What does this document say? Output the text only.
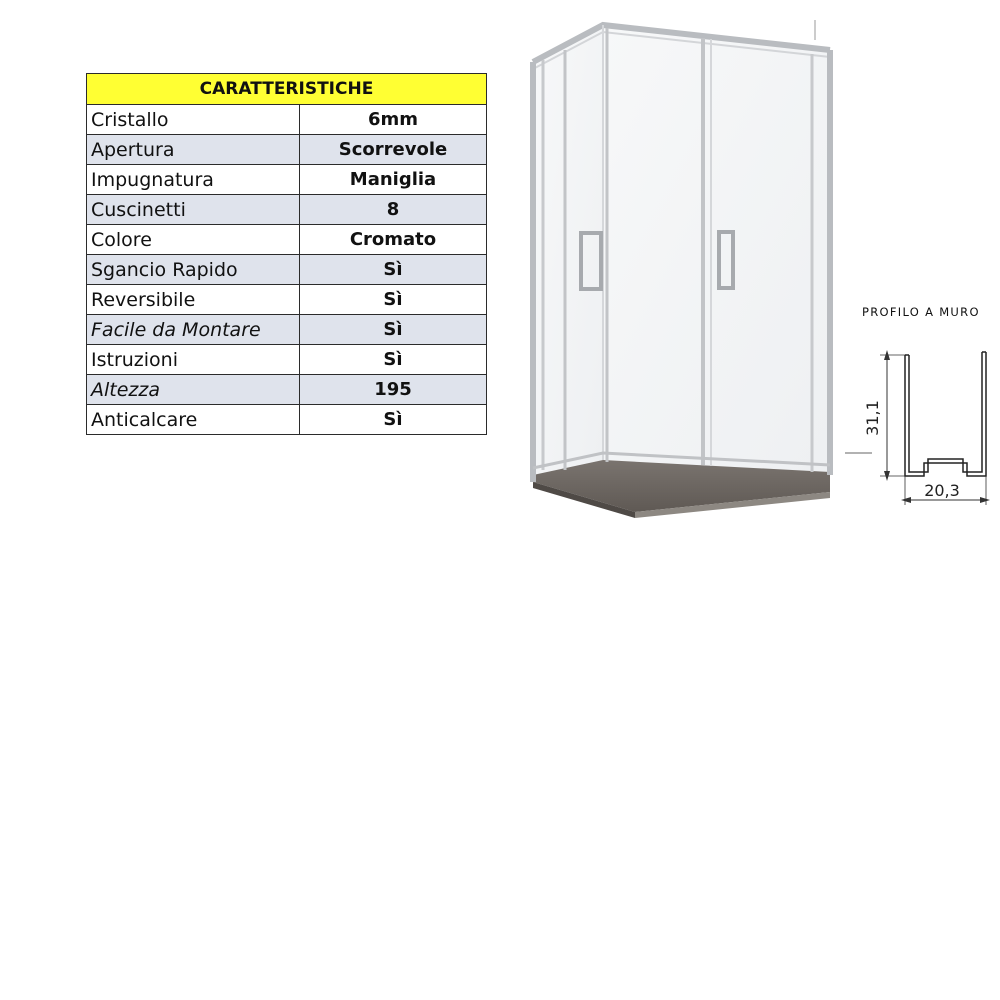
CARATTERISTICHE	
Cristallo	6mm
Apertura	Scorrevole
Impugnatura	Maniglia
Cuscinetti	8
Colore	Cromato
Sgancio Rapido	Sì
Reversibile	Sì
Facile da Montare	Sì
Istruzioni	Sì
Altezza	195
Anticalcare	Sì
PROFILO A MURO
31,1
20,3
